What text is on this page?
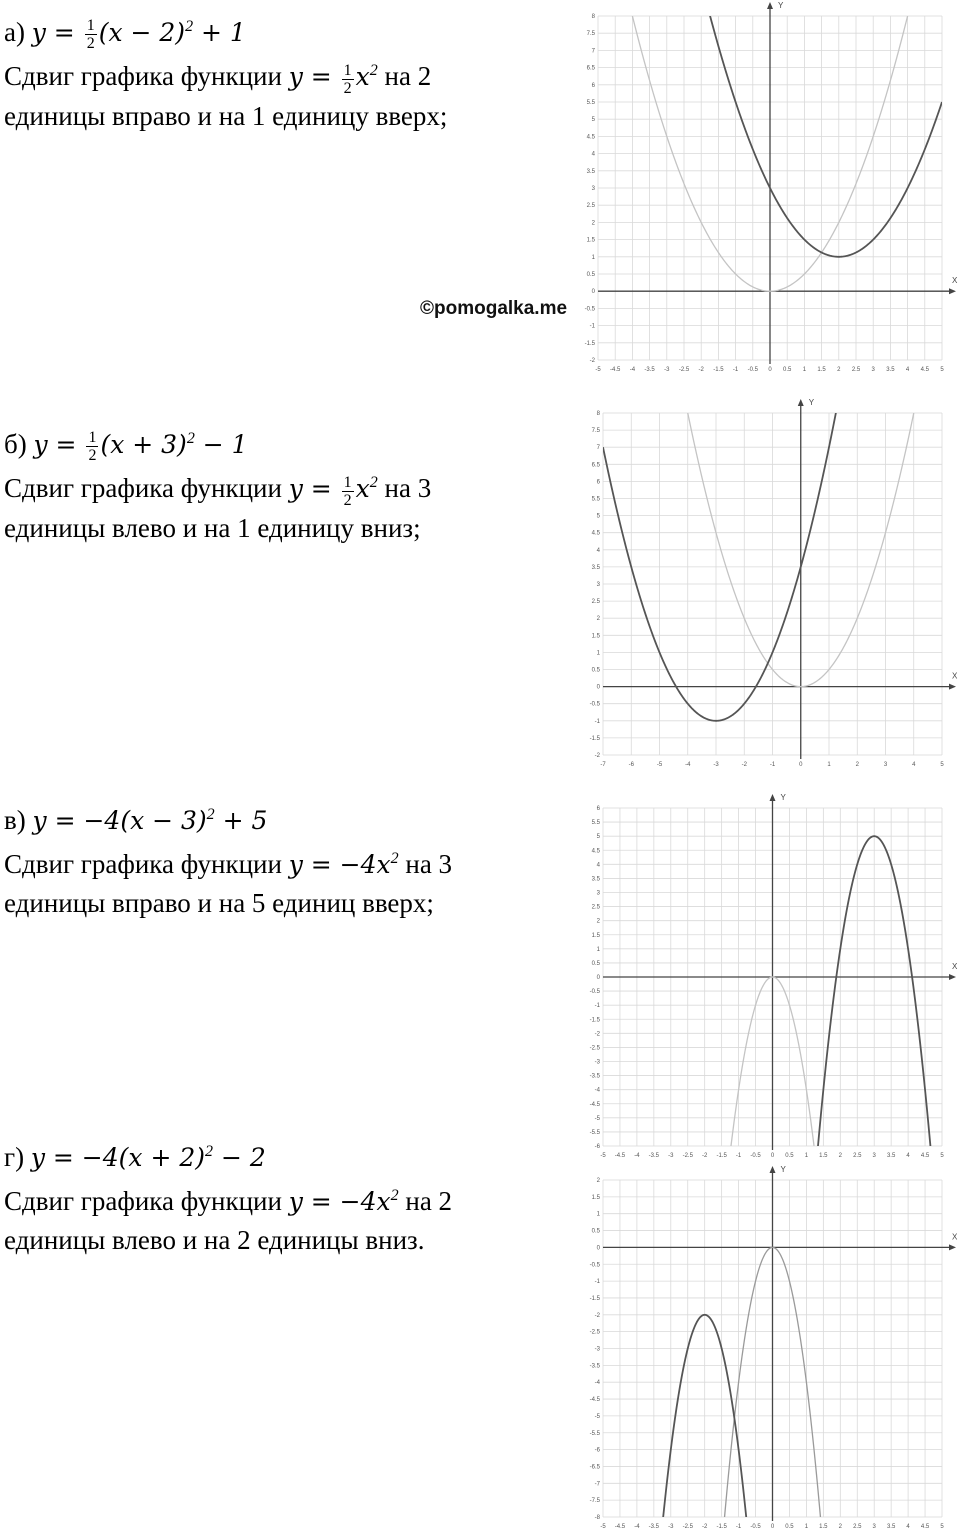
а) $y = \frac{1}{2} (x - 2)^2 + 1$
Сдвиг графика функции $y = \frac{1}{2} x^2$ на 2
единицы вправо и на 1 единицу вверх;
б) $y = \frac{1}{2} (x + 3)^2 - 1$
Сдвиг графика функции $y = \frac{1}{2} x^2$ на 3
единицы влево и на 1 единицу вниз;
в) $y = -4(x - 3)^2 + 5$
Сдвиг графика функции $y = -4x^2$ на 3
единицы вправо и на 5 единиц вверх;
г) $y = -4(x + 2)^2 - 2$
Сдвиг графика функции $y = -4x^2$ на 2
единицы влево и на 2 единицы вниз.
©pomogalka.me
X
Y
-5 -4.5 -4 -3.5 -3 -2.5 -2 -1.5 -1 -0.5 0 0.5 1 1.5 2 2.5 3 3.5 4 4.5 5
-2
-1.5
-1
-0.5
0
0.5
1
1.5
2
2.5
3
3.5
4
4.5
5
5.5
6
6.5
7
7.5
8
X
Y
-7	-6	-5	-4	-3	-2	-1	0	1	2	3	4	5
-2
-1.5
-1
-0.5
0
0.5
1
1.5
2
2.5
3
3.5
4
4.5
5
5.5
6
6.5
7
7.5
8
X
Y
-5 -4.5 -4 -3.5 -3 -2.5 -2 -1.5 -1 -0.5 0 0.5 1 1.5 2 2.5 3 3.5 4 4.5 5
-6
-5.5
-5
-4.5
-4
-3.5
-3
-2.5
-2
-1.5
-1
-0.5
0
0.5
1
1.5
2
2.5
3
3.5
4
4.5
5
5.5
6
X
Y
-5 -4.5 -4 -3.5 -3 -2.5 -2 -1.5 -1 -0.5 0 0.5 1 1.5 2 2.5 3 3.5 4 4.5 5
-8
-7.5
-7
-6.5
-6
-5.5
-5
-4.5
-4
-3.5
-3
-2.5
-2
-1.5
-1
-0.5
0
0.5
1
1.5
2
